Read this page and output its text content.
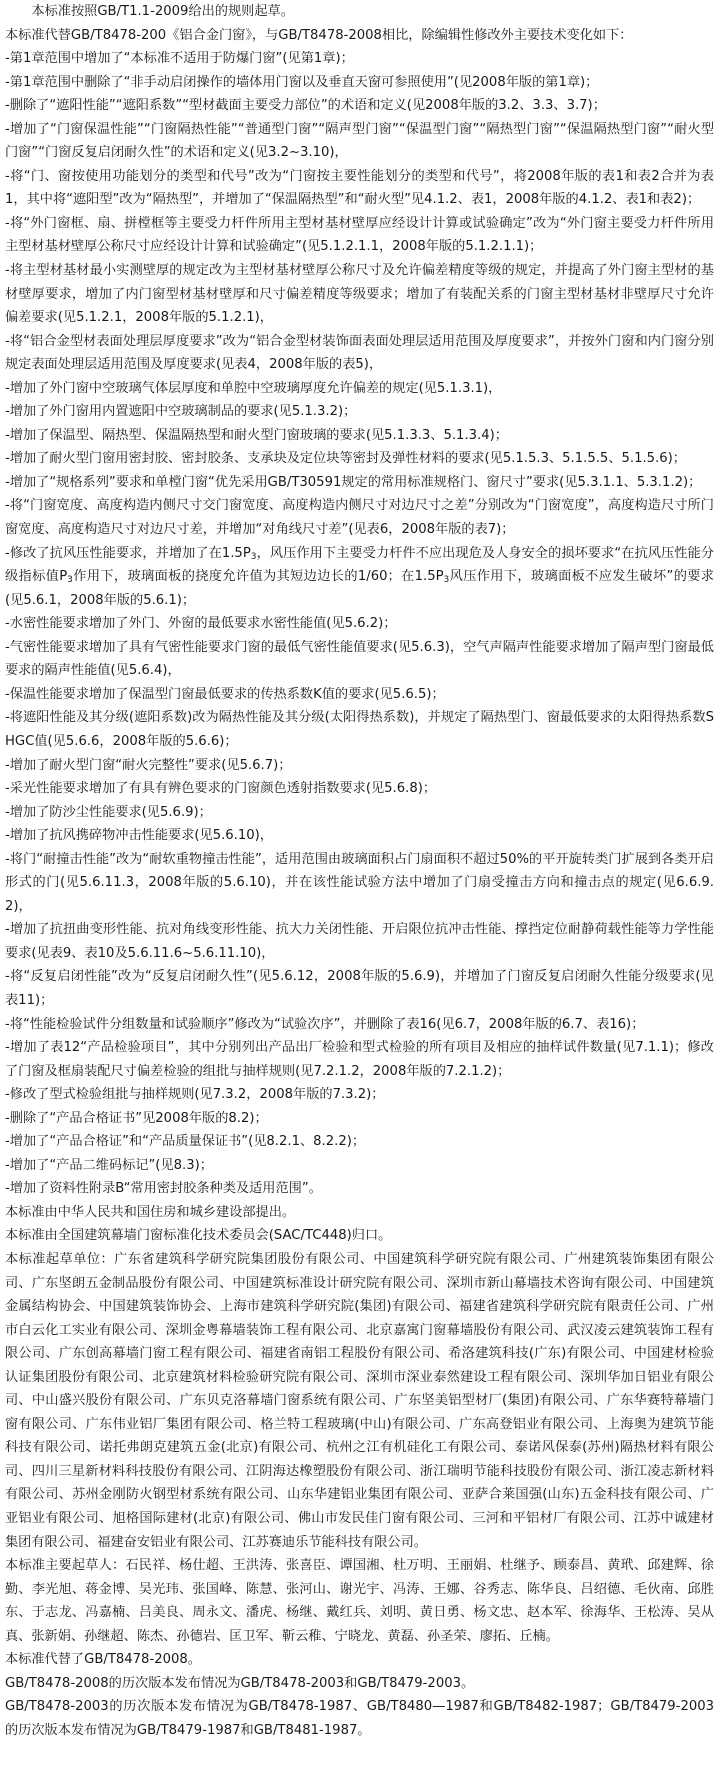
本标准按照GB/T1.1-2009给出的规则起草。

本标准代替GB/T8478-200《铝合金门窗》，与GB/T8478-2008相比，除编辑性修改外主要技术变化如下：

-第1章范围中增加了“本标准不适用于防爆门窗”(见第1章)；

-第1章范围中删除了“非手动启闭操作的墙体用门窗以及垂直天窗可参照使用”(见2008年版的第1章)；

-删除了“遮阳性能”“遮阳系数”“型材截面主要受力部位”的术语和定义(见2008年版的3.2、3.3、3.7)；

-增加了“门窗保温性能”“门窗隔热性能”“普通型门窗”“隔声型门窗”“保温型门窗”“隔热型门窗”“保温隔热型门窗”“耐火型门窗”“门窗反复启闭耐久性”的术语和定义(见3.2~3.10)，

-将“门、窗按使用功能划分的类型和代号”改为“门窗按主要性能划分的类型和代号”，将2008年版的表1和表2合并为表1，其中将“遮阳型”改为“隔热型”，并增加了“保温隔热型”和“耐火型”见4.1.2、表1，2008年版的4.1.2、表1和表2)；

-将“外门窗框、扇、拼樘框等主要受力杆件所用主型材基材壁厚应经设计计算或试验确定”改为“外门窗主要受力杆件所用主型材基材壁厚公称尺寸应经设计计算和试验确定”(见5.1.2.1.1，2008年版的5.1.2.1.1)；

-将主型材基材最小实测壁厚的规定改为主型材基材壁厚公称尺寸及允许偏差精度等级的规定，并提高了外门窗主型材的基材壁厚要求，增加了内门窗型材基材壁厚和尺寸偏差精度等级要求；增加了有装配关系的门窗主型材基材非壁厚尺寸允许偏差要求(见5.1.2.1，2008年版的5.1.2.1)，

-将“铝合金型材表面处理层厚度要求”改为“铝合金型材装饰面表面处理层适用范围及厚度要求”，并按外门窗和内门窗分别规定表面处理层适用范围及厚度要求(见表4，2008年版的表5)，

-增加了外门窗中空玻璃气体层厚度和单腔中空玻璃厚度允许偏差的规定(见5.1.3.1)，

-增加了外门窗用内置遮阳中空玻璃制品的要求(见5.1.3.2)；

-增加了保温型、隔热型、保温隔热型和耐火型门窗玻璃的要求(见5.1.3.3、5.1.3.4)；

-增加了耐火型门窗用密封胶、密封胶条、支承块及定位块等密封及弹性材料的要求(见5.1.5.3、5.1.5.5、5.1.5.6)；

-增加了“规格系列”要求和单樘门窗“优先采用GB/T30591规定的常用标准规格门、窗尺寸”要求(见5.3.1.1、5.3.1.2)；

-将“门窗宽度、高度构造内侧尺寸交门窗宽度、高度构造内侧尺寸对边尺寸之差”分别改为“门窗宽度”，高度构造尺寸所门窗宽度、高度构造尺寸对边尺寸差，并增加“对角线尺寸差”(见表6，2008年版的表7)；

-修改了抗风压性能要求，并增加了在$1.5P_3$，风压作用下主要受力杆件不应出现危及人身安全的损坏要求“在抗风压性能分级指标值$P_3$作用下，玻璃面板的挠度允许值为其短边边长的1/60；在$1.5P_3$风压作用下，玻璃面板不应发生破坏”的要求(见5.6.1，2008年版的5.6.1)；

-水密性能要求增加了外门、外窗的最低要求水密性能值(见5.6.2)；

-气密性能要求增加了具有气密性能要求门窗的最低气密性能值要求(见5.6.3)，空气声隔声性能要求增加了隔声型门窗最低要求的隔声性能值(见5.6.4)，

-保温性能要求增加了保温型门窗最低要求的传热系数K值的要求(见5.6.5)；

-将遮阳性能及其分级(遮阳系数)改为隔热性能及其分级(太阳得热系数)，并规定了隔热型门、窗最低要求的太阳得热系数SHGC值(见5.6.6，2008年版的5.6.6)；

-增加了耐火型门窗“耐火完整性”要求(见5.6.7)；

-采光性能要求增加了有具有辨色要求的门窗颜色透射指数要求(见5.6.8)；

-增加了防沙尘性能要求(见5.6.9)；

-增加了抗风携碎物冲击性能要求(见5.6.10)，

-将门“耐撞击性能”改为“耐软重物撞击性能”，适用范围由玻璃面积占门扇面积不超过50%的平开旋转类门扩展到各类开启形式的门(见5.6.11.3，2008年版的5.6.10)，并在该性能试验方法中增加了门扇受撞击方向和撞击点的规定(见6.6.9.2)，

-增加了抗扭曲变形性能、抗对角线变形性能、抗大力关闭性能、开启限位抗冲击性能、撑挡定位耐静荷载性能等力学性能要求(见表9、表10及5.6.11.6~5.6.11.10)，

-将“反复启闭性能”改为“反复启闭耐久性”(见5.6.12，2008年版的5.6.9)，并增加了门窗反复启闭耐久性能分级要求(见表11)；

-将“性能检验试件分组数量和试验顺序”修改为“试验次序”，并删除了表16(见6.7，2008年版的6.7、表16)；

-增加了表12“产品检验项目”，其中分别列出产品出厂检验和型式检验的所有项目及相应的抽样试件数量(见7.1.1)；修改了门窗及框扇装配尺寸偏差检验的组批与抽样规则(见7.2.1.2，2008年版的7.2.1.2)；

-修改了型式检验组批与抽样规则(见7.3.2，2008年版的7.3.2)；

-删除了“产品合格证书”见2008年版的8.2)；

-增加了“产品合格证”和“产品质量保证书”(见8.2.1、8.2.2)；

-增加了“产品二维码标记”(见8.3)；

-增加了资料性附录B“常用密封胶条种类及适用范围”。

本标准由中华人民共和国住房和城乡建设部提出。

本标准由全国建筑幕墙门窗标准化技术委员会(SAC/TC448)归口。

本标准起草单位：广东省建筑科学研究院集团股份有限公司、中国建筑科学研究院有限公司、广州建筑装饰集团有限公司、广东坚朗五金制品股份有限公司、中国建筑标准设计研究院有限公司、深圳市新山幕墙技术咨询有限公司、中国建筑金属结构协会、中国建筑装饰协会、上海市建筑科学研究院(集团)有限公司、福建省建筑科学研究院有限责任公司、广州市白云化工实业有限公司、深圳金粤幕墙装饰工程有限公司、北京嘉寓门窗幕墙股份有限公司、武汉凌云建筑装饰工程有限公司、广东创高幕墙门窗工程有限公司、福建省南铝工程股份有限公司、希洛建筑科技(广东)有限公司、中国建材检验认证集团股份有限公司、北京建筑材料检验研究院有限公司、深圳市深业泰然建设工程有限公司、深圳华加日铝业有限公司、中山盛兴股份有限公司、广东贝克洛幕墙门窗系统有限公司、广东坚美铝型材厂(集团)有限公司、广东华赛特幕墙门窗有限公司、广东伟业铝厂集团有限公司、格兰特工程玻璃(中山)有限公司、广东高登铝业有限公司、上海奥为建筑节能科技有限公司、诺托弗朗克建筑五金(北京)有限公司、杭州之江有机硅化工有限公司、泰诺风保泰(苏州)隔热材料有限公司、四川三星新材料科技股份有限公司、江阴海达橡塑股份有限公司、浙江瑞明节能科技股份有限公司、浙江凌志新材料有限公司、苏州金刚防火钢型材系统有限公司、山东华建铝业集团有限公司、亚萨合莱国强(山东)五金科技有限公司、广亚铝业有限公司、旭格国际建材(北京)有限公司、佛山市发民佳门窗有限公司、三河和平铝材厂有限公司、江苏中诚建材集团有限公司、福建奋安铝业有限公司、江苏赛迪乐节能科技有限公司。

本标准主要起草人：石民祥、杨仕超、王洪涛、张喜臣、谭国湘、杜万明、王丽娟、杜继予、顾泰昌、黄玳、邱建辉、徐勤、李光旭、蒋金博、吴光玮、张国峰、陈慧、张河山、谢光宇、冯涛、王娜、谷秀志、陈华良、吕绍德、毛伙南、邱胜东、于志龙、冯嘉楠、吕美良、周永文、潘虎、杨继、戴红兵、刘明、黄日勇、杨文忠、赵本军、徐海华、王松涛、吴从真、张新娟、孙继超、陈杰、孙德岩、匡卫军、靳云稚、宁晓龙、黄磊、孙圣荣、廖拓、丘楠。

本标准代替了GB/T8478-2008。

GB/T8478-2008的历次版本发布情况为GB/T8478-2003和GB/T8479-2003。

GB/T8478-2003的历次版本发布情况为GB/T8478-1987、GB/T8480—1987和GB/T8482-1987；GB/T8479-2003的历次版本发布情况为GB/T8479-1987和GB/T8481-1987。
